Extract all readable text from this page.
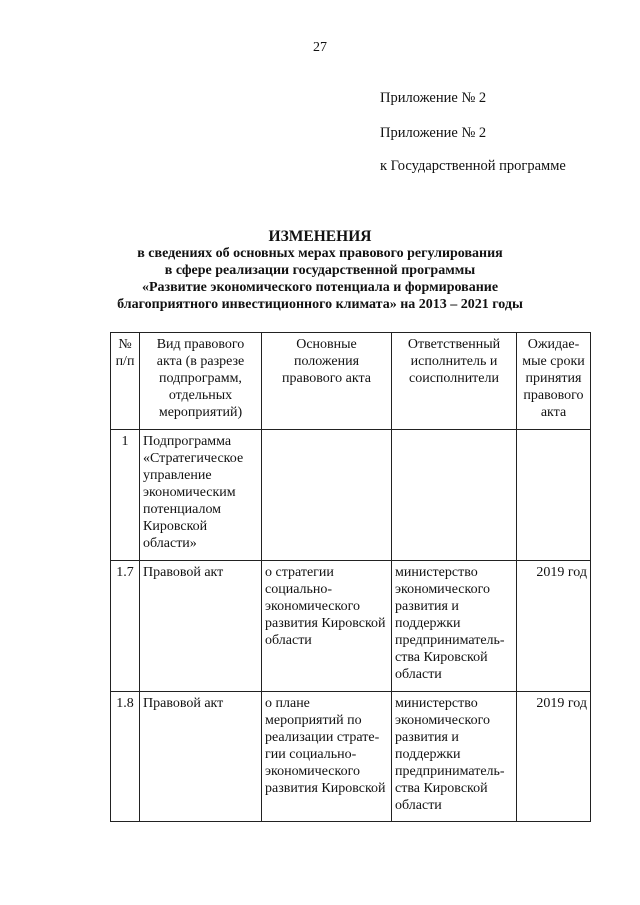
27
Приложение № 2
Приложение № 2
к Государственной программе
ИЗМЕНЕНИЯ
в сведениях об основных мерах правового регулирования
в сфере реализации государственной программы
«Развитие экономического потенциала и формирование
благоприятного инвестиционного климата» на 2013 – 2021 годы
№ п/п	Вид правового акта (в разрезе подпрограмм, отдельных мероприятий)	Основные положения правового акта	Ответственный исполнитель и соисполнители	Ожидае-мые сроки принятия правового акта
1	Подпрограмма «Стратегическое управление экономическим потенциалом Кировской области»			
1.7	Правовой акт	о стратегии социально-экономического развития Кировской области	министерство экономического развития и поддержки предприниматель-ства Кировской области	2019 год
1.8	Правовой акт	о плане мероприятий по реализации страте-гии социально-экономического развития Кировской	министерство экономического развития и поддержки предприниматель-ства Кировской области	2019 год
